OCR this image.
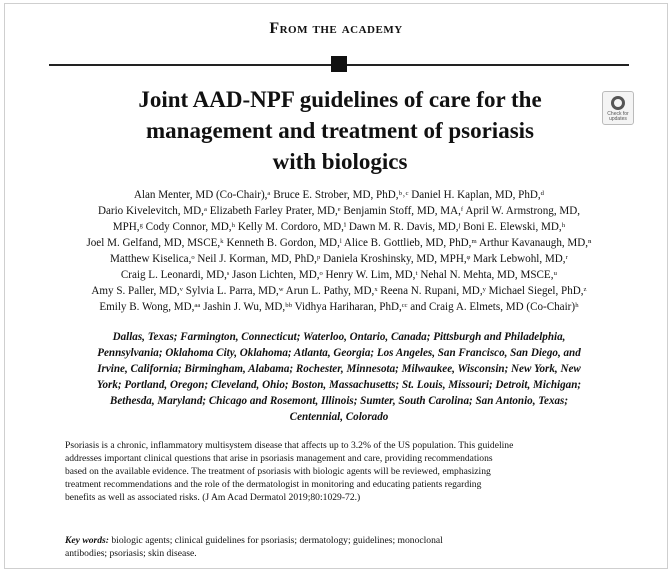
From the academy
Joint AAD-NPF guidelines of care for the
management and treatment of psoriasis
with biologics
Check for updates
Alan Menter, MD (Co-Chair),ᵃ Bruce E. Strober, MD, PhD,ᵇ˒ᶜ Daniel H. Kaplan, MD, PhD,ᵈ
Dario Kivelevitch, MD,ᵃ Elizabeth Farley Prater, MD,ᵉ Benjamin Stoff, MD, MA,ᶠ April W. Armstrong, MD,
MPH,ᵍ Cody Connor, MD,ʰ Kelly M. Cordoro, MD,ⁱ Dawn M. R. Davis, MD,ʲ Boni E. Elewski, MD,ʰ
Joel M. Gelfand, MD, MSCE,ᵏ Kenneth B. Gordon, MD,ˡ Alice B. Gottlieb, MD, PhD,ᵐ Arthur Kavanaugh, MD,ⁿ
Matthew Kiselica,ᵒ Neil J. Korman, MD, PhD,ᵖ Daniela Kroshinsky, MD, MPH,ᵠ Mark Lebwohl, MD,ʳ
Craig L. Leonardi, MD,ˢ Jason Lichten, MD,ᵒ Henry W. Lim, MD,ᵗ Nehal N. Mehta, MD, MSCE,ᵘ
Amy S. Paller, MD,ᵛ Sylvia L. Parra, MD,ʷ Arun L. Pathy, MD,ˣ Reena N. Rupani, MD,ʸ Michael Siegel, PhD,ᶻ
Emily B. Wong, MD,ᵃᵃ Jashin J. Wu, MD,ᵇᵇ Vidhya Hariharan, PhD,ᶜᶜ and Craig A. Elmets, MD (Co-Chair)ʰ
Dallas, Texas; Farmington, Connecticut; Waterloo, Ontario, Canada; Pittsburgh and Philadelphia,
Pennsylvania; Oklahoma City, Oklahoma; Atlanta, Georgia; Los Angeles, San Francisco, San Diego, and
Irvine, California; Birmingham, Alabama; Rochester, Minnesota; Milwaukee, Wisconsin; New York, New
York; Portland, Oregon; Cleveland, Ohio; Boston, Massachusetts; St. Louis, Missouri; Detroit, Michigan;
Bethesda, Maryland; Chicago and Rosemont, Illinois; Sumter, South Carolina; San Antonio, Texas;
Centennial, Colorado
Psoriasis is a chronic, inflammatory multisystem disease that affects up to 3.2% of the US population. This guideline
addresses important clinical questions that arise in psoriasis management and care, providing recommendations
based on the available evidence. The treatment of psoriasis with biologic agents will be reviewed, emphasizing
treatment recommendations and the role of the dermatologist in monitoring and educating patients regarding
benefits as well as associated risks. (J Am Acad Dermatol 2019;80:1029-72.)
Key words: biologic agents; clinical guidelines for psoriasis; dermatology; guidelines; monoclonal
antibodies; psoriasis; skin disease.
